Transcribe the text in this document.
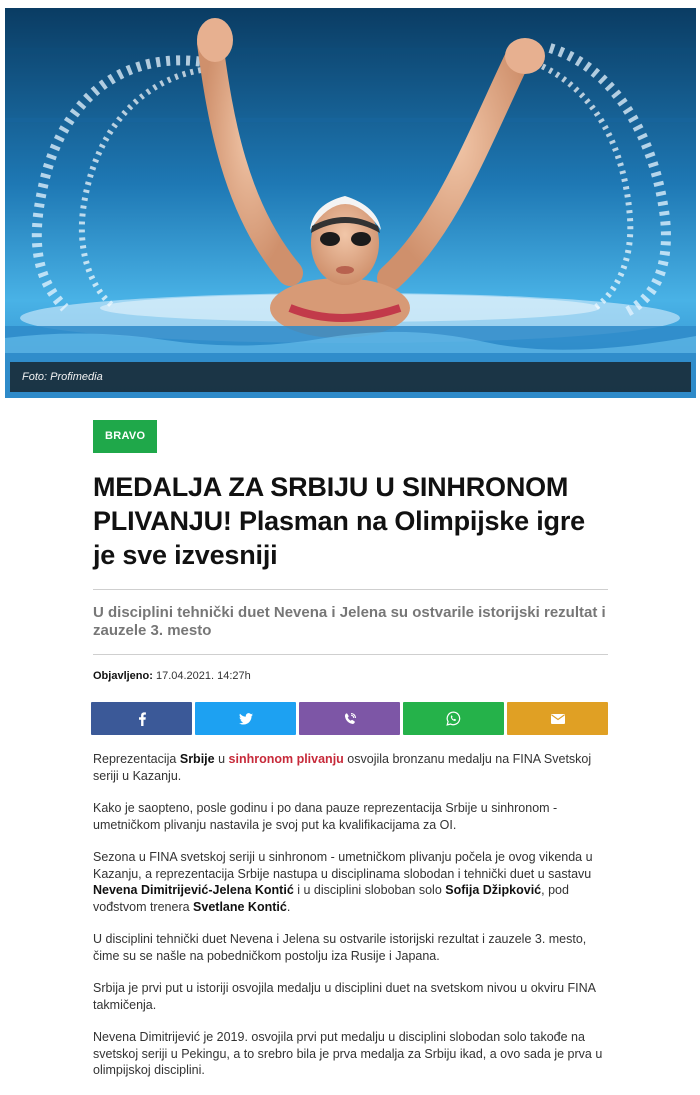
Foto: Profimedia
BRAVO
MEDALJA ZA SRBIJU U SINHRONOM PLIVANJU! Plasman na Olimpijske igre je sve izvesniji

U disciplini tehnički duet Nevena i Jelena su ostvarile istorijski rezultat i zauzele 3. mesto

Objavljeno: 17.04.2021. 14:27h

Reprezentacija Srbije u sinhronom plivanju osvojila bronzanu medalju na FINA Svetskoj seriji u Kazanju.

Kako je saopteno, posle godinu i po dana pauze reprezentacija Srbije u sinhronom - umetničkom plivanju nastavila je svoj put ka kvalifikacijama za OI.

Sezona u FINA svetskoj seriji u sinhronom - umetničkom plivanju počela je ovog vikenda u Kazanju, a reprezentacija Srbije nastupa u disciplinama slobodan i tehnički duet u sastavu Nevena Dimitrijević-Jelena Kontić i u disciplini sloboban solo Sofija Džipković, pod vođstvom trenera Svetlane Kontić.

U disciplini tehnički duet Nevena i Jelena su ostvarile istorijski rezultat i zauzele 3. mesto, čime su se našle na pobedničkom postolju iza Rusije i Japana.

Srbija je prvi put u istoriji osvojila medalju u disciplini duet na svetskom nivou u okviru FINA takmičenja.

Nevena Dimitrijević je 2019. osvojila prvi put medalju u disciplini slobodan solo takođe na svetskoj seriji u Pekingu, a to srebro bila je prva medalja za Srbiju ikad, a ovo sada je prva u olimpijskoj disciplini.
